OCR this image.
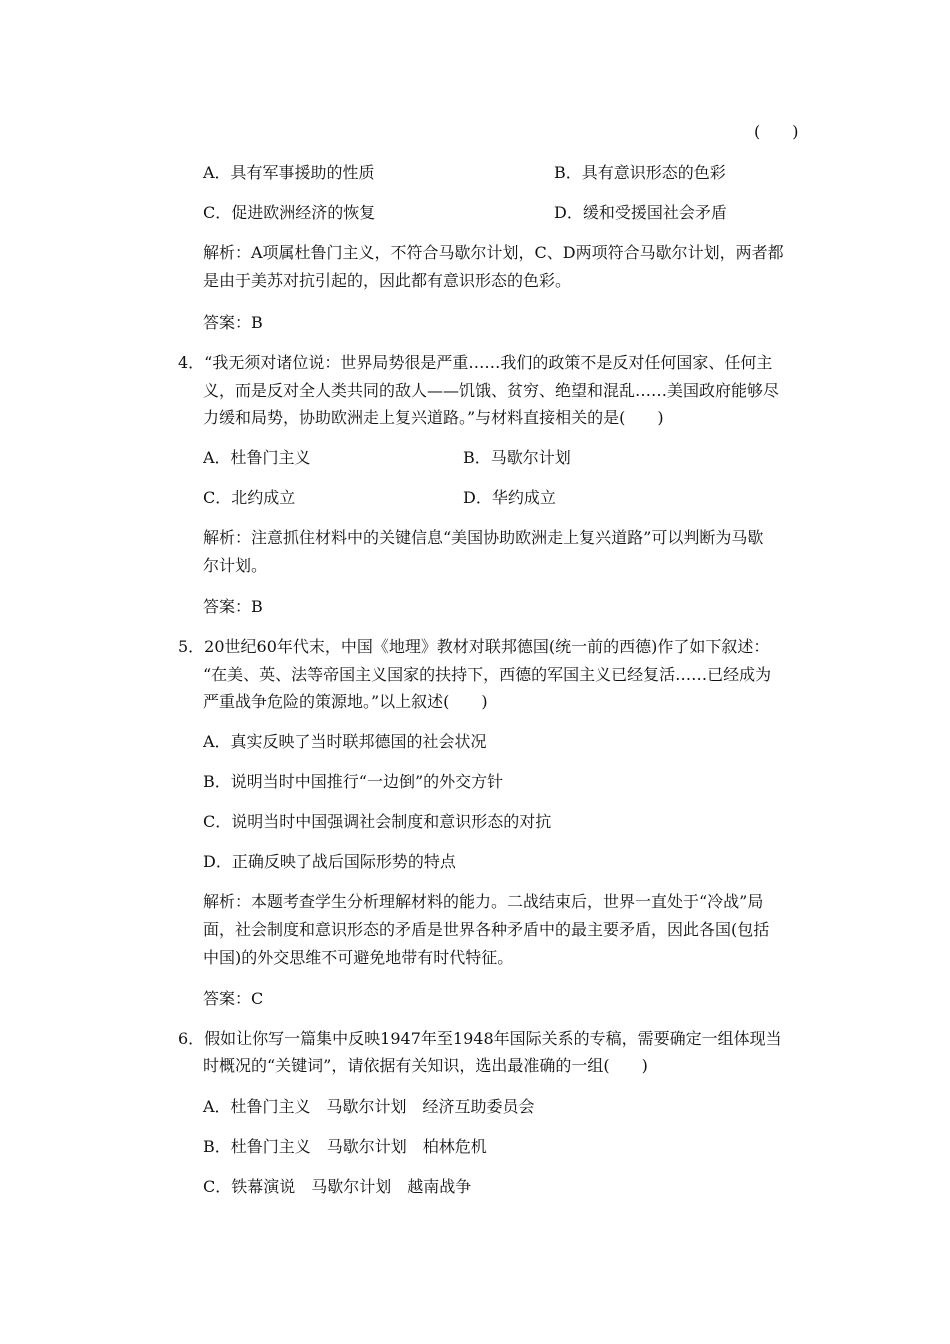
(　　)
A．具有军事援助的性质	B．具有意识形态的色彩
C．促进欧洲经济的恢复	D．缓和受援国社会矛盾
解析：A项属杜鲁门主义，不符合马歇尔计划，C、D两项符合马歇尔计划，两者都
是由于美苏对抗引起的，因此都有意识形态的色彩。
答案：B
4．“我无须对诸位说：世界局势很是严重……我们的政策不是反对任何国家、任何主
义，而是反对全人类共同的敌人——饥饿、贫穷、绝望和混乱……美国政府能够尽
力缓和局势，协助欧洲走上复兴道路。”与材料直接相关的是(　　)
A．杜鲁门主义	B．马歇尔计划
C．北约成立	D．华约成立
解析：注意抓住材料中的关键信息“美国协助欧洲走上复兴道路”可以判断为马歇
尔计划。
答案：B
5．20世纪60年代末，中国《地理》教材对联邦德国(统一前的西德)作了如下叙述：
“在美、英、法等帝国主义国家的扶持下，西德的军国主义已经复活……已经成为
严重战争危险的策源地。”以上叙述(　　)
A．真实反映了当时联邦德国的社会状况
B．说明当时中国推行“一边倒”的外交方针
C．说明当时中国强调社会制度和意识形态的对抗
D．正确反映了战后国际形势的特点
解析：本题考查学生分析理解材料的能力。二战结束后，世界一直处于“冷战”局
面，社会制度和意识形态的矛盾是世界各种矛盾中的最主要矛盾，因此各国(包括
中国)的外交思维不可避免地带有时代特征。
答案：C
6．假如让你写一篇集中反映1947年至1948年国际关系的专稿，需要确定一组体现当
时概况的“关键词”，请依据有关知识，选出最准确的一组(　　)
A．杜鲁门主义　马歇尔计划　经济互助委员会
B．杜鲁门主义　马歇尔计划　柏林危机
C．铁幕演说　马歇尔计划　越南战争
